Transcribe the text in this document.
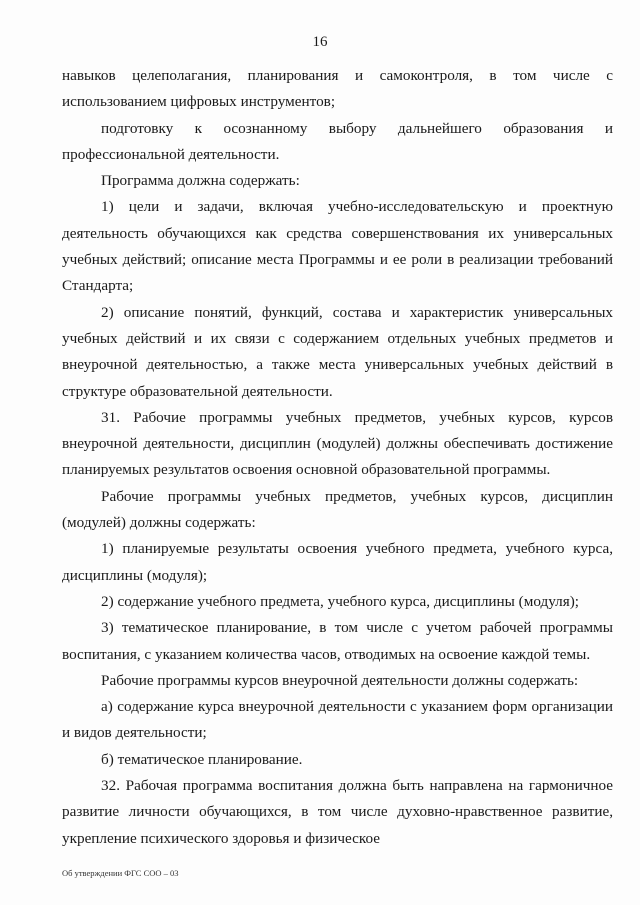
16

навыков целеполагания, планирования и самоконтроля, в том числе с использованием цифровых инструментов;

подготовку к осознанному выбору дальнейшего образования и профессиональной деятельности.

Программа должна содержать:

1) цели и задачи, включая учебно-исследовательскую и проектную деятельность обучающихся как средства совершенствования их универсальных учебных действий; описание места Программы и ее роли в реализации требований Стандарта;

2) описание понятий, функций, состава и характеристик универсальных учебных действий и их связи с содержанием отдельных учебных предметов и внеурочной деятельностью, а также места универсальных учебных действий в структуре образовательной деятельности.

31. Рабочие программы учебных предметов, учебных курсов, курсов внеурочной деятельности, дисциплин (модулей) должны обеспечивать достижение планируемых результатов освоения основной образовательной программы.

Рабочие программы учебных предметов, учебных курсов, дисциплин (модулей) должны содержать:

1) планируемые результаты освоения учебного предмета, учебного курса, дисциплины (модуля);

2) содержание учебного предмета, учебного курса, дисциплины (модуля);

3) тематическое планирование, в том числе с учетом рабочей программы воспитания, с указанием количества часов, отводимых на освоение каждой темы.

Рабочие программы курсов внеурочной деятельности должны содержать:

а) содержание курса внеурочной деятельности с указанием форм организации и видов деятельности;

б) тематическое планирование.

32. Рабочая программа воспитания должна быть направлена на гармоничное развитие личности обучающихся, в том числе духовно-нравственное развитие, укрепление психического здоровья и физическое

Об утверждении ФГС СОО – 03
